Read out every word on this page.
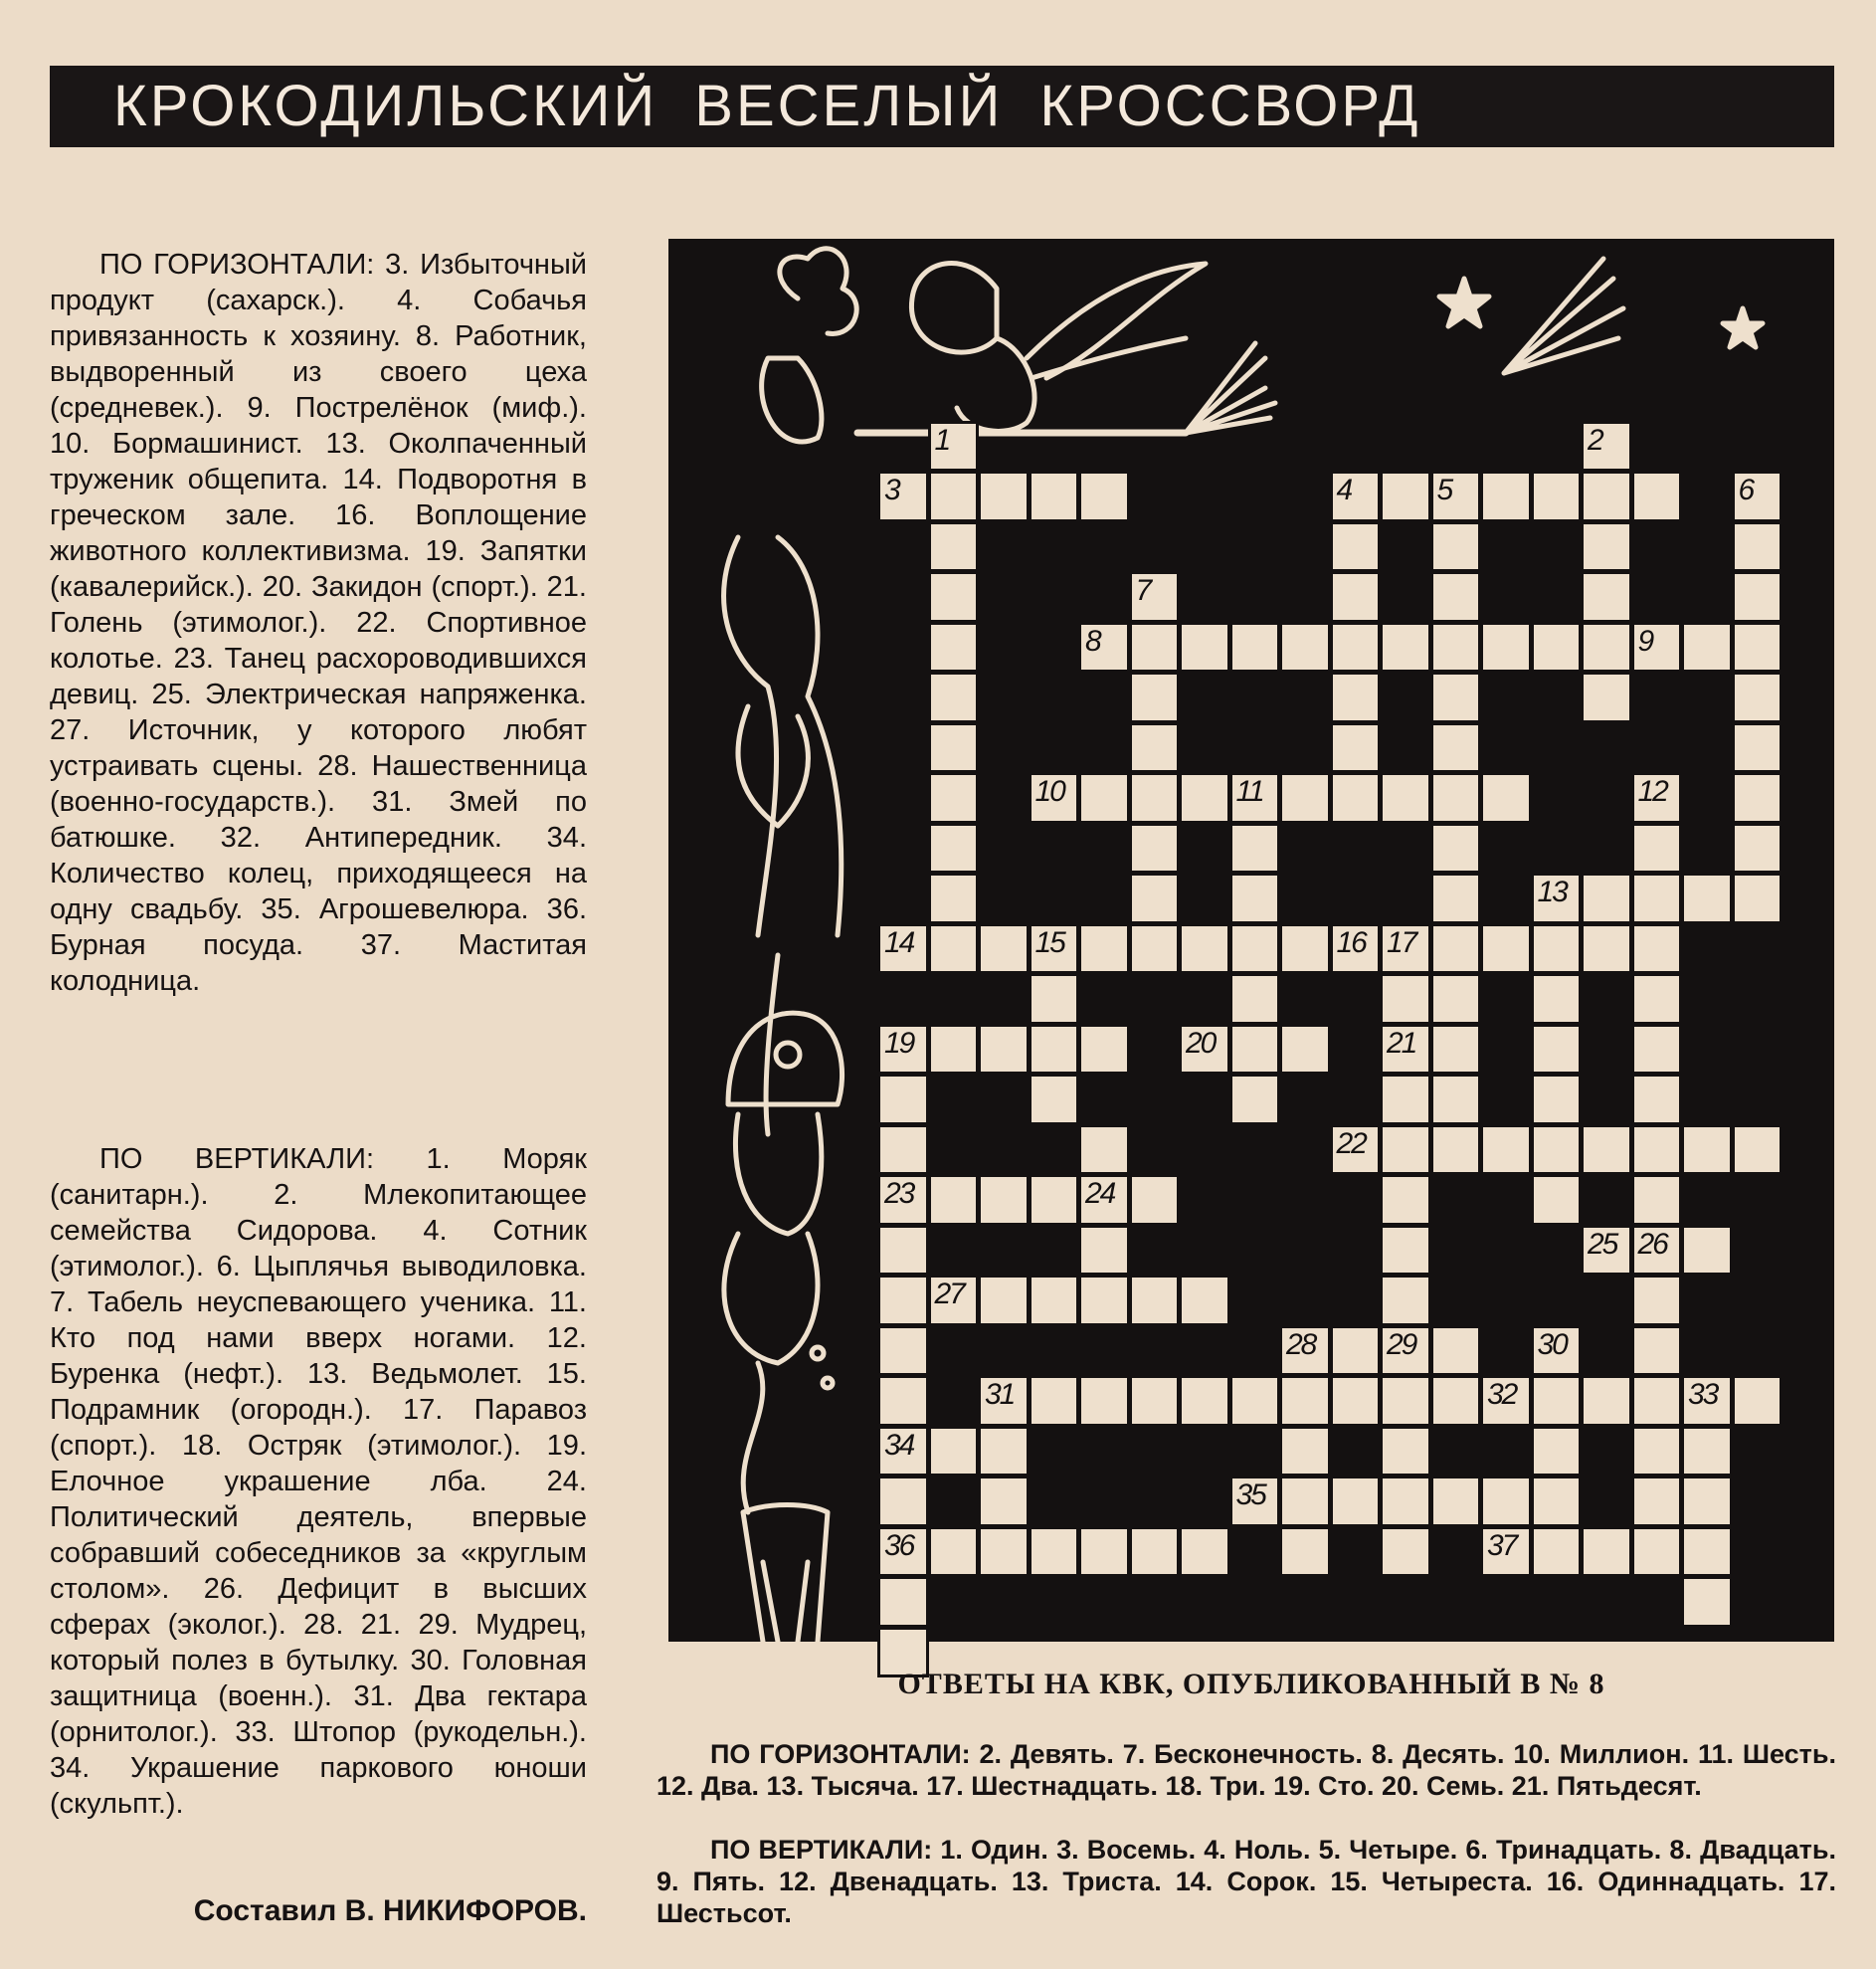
КРОКОДИЛЬСКИЙ ВЕСЕЛЫЙ КРОССВОРД

ПО ГОРИЗОНТАЛИ: 3. Избыточный продукт (сахарск.). 4. Собачья привязанность к хозяину. 8. Работник, выдворенный из своего цеха (средневек.). 9. Пострелёнок (миф.). 10. Бормашинист. 13. Околпаченный труженик общепита. 14. Подворотня в греческом зале. 16. Воплощение животного коллективизма. 19. Запятки (кавалерийск.). 20. Закидон (спорт.). 21. Голень (этимолог.). 22. Спортивное колотье. 23. Танец расхороводившихся девиц. 25. Электрическая напряженка. 27. Источник, у которого любят устраивать сцены. 28. Нашественница (военно-государств.). 31. Змей по батюшке. 32. Антипередник. 34. Количество колец, приходящееся на одну свадьбу. 35. Агрошевелюра. 36. Бурная посуда. 37. Маститая колодница.

ПО ВЕРТИКАЛИ: 1. Моряк (санитарн.). 2. Млекопитающее семейства Сидорова. 4. Сотник (этимолог.). 6. Цыплячья выводиловка. 7. Табель неуспевающего ученика. 11. Кто под нами вверх ногами. 12. Буренка (нефт.). 13. Ведьмолет. 15. Подрамник (огородн.). 17. Паравоз (спорт.). 18. Остряк (этимолог.). 19. Елочное украшение лба. 24. Политический деятель, впервые собравший собеседников за «круглым столом». 26. Дефицит в высших сферах (эколог.). 28. 21. 29. Мудрец, который полез в бутылку. 30. Головная защитница (военн.). 31. Два гектара (орнитолог.). 33. Штопор (рукодельн.). 34. Украшение паркового юноши (скульпт.).

Составил В. НИКИФОРОВ.
3	4	5
1	2
6
8	9
7
10	11	12
26
13
14	15	16 17
21
29
19	20
23
34
36
22
24
25
27
28	30
31	32	33
35
37
ОТВЕТЫ НА КВК, ОПУБЛИКОВАННЫЙ В № 8

ПО ГОРИЗОНТАЛИ: 2. Девять. 7. Бесконечность. 8. Десять. 10. Миллион. 11. Шесть. 12. Два. 13. Тысяча. 17. Шестнадцать. 18. Три. 19. Сто. 20. Семь. 21. Пятьдесят.

ПО ВЕРТИКАЛИ: 1. Один. 3. Восемь. 4. Ноль. 5. Четыре. 6. Тринадцать. 8. Двадцать. 9. Пять. 12. Двенадцать. 13. Триста. 14. Сорок. 15. Четыреста. 16. Одиннадцать. 17. Шестьсот.
